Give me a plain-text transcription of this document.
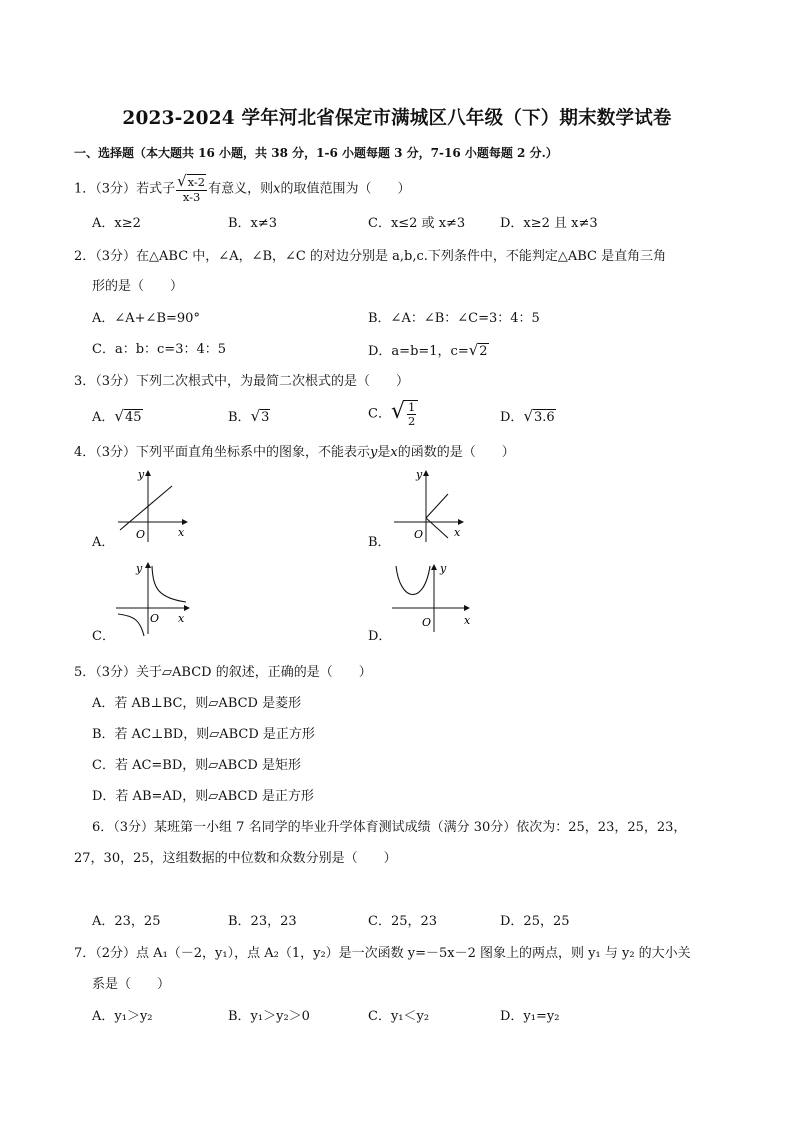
2023-2024 学年河北省保定市满城区八年级（下）期末数学试卷
一、选择题（本大题共 16 小题，共 38 分，1-6 小题每题 3 分，7-16 小题每题 2 分.）
1．（3分）若式子 $\frac{√x-2}{x-3}$ 有意义，则x的取值范围为（　　）
A．x≥2	B．x≠3	C．x≤2 或 x≠3	D．x≥2 且 x≠3
2．（3分）在△ABC 中，∠A，∠B，∠C 的对边分别是 a,b,c.下列条件中，不能判定△ABC 是直角三角
形的是（　　）
A．∠A+∠B=90°	B．∠A：∠B：∠C=3：4：5
C．a：b：c=3：4：5	D．a=b=1，c=√2
3．（3分）下列二次根式中，为最简二次根式的是（　　）
A．√45	B．√3	C．√ $\frac{1}{2}$	D．√3.6
4．（3分）下列平面直角坐标系中的图象，不能表示y是x的函数的是（　　）
A．
O	x
y
B．
O	x
y
C．
O x
y
D．
O	x
y
5．（3分）关于▱ABCD 的叙述，正确的是（　　）
A．若 AB⊥BC，则▱ABCD 是菱形
B．若 AC⊥BD，则▱ABCD 是正方形
C．若 AC=BD，则▱ABCD 是矩形
D．若 AB=AD，则▱ABCD 是正方形
6．（3分）某班第一小组 7 名同学的毕业升学体育测试成绩（满分 30分）依次为：25，23，25，23，
27，30，25，这组数据的中位数和众数分别是（　　）
A．23，25	B．23，23	C．25，23	D．25，25
7．（2分）点 A₁（－2，y₁），点 A₂（1，y₂）是一次函数 y=－5x－2 图象上的两点，则 y₁ 与 y₂ 的大小关
系是（　　）
A．y₁＞y₂	B．y₁＞y₂＞0	C．y₁＜y₂	D．y₁=y₂
